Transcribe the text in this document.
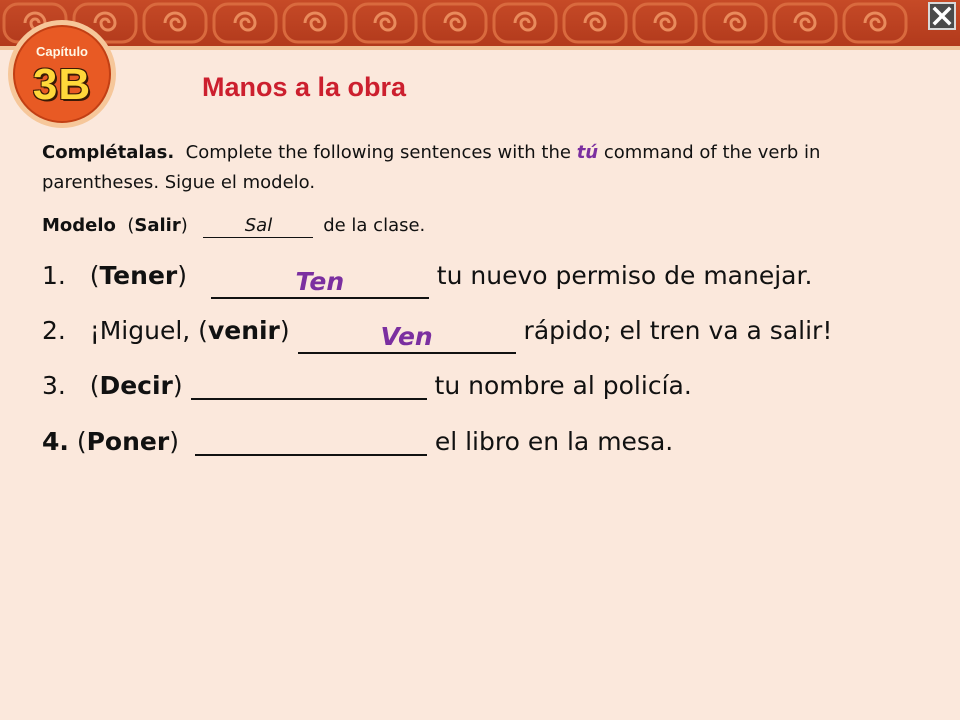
Capítulo
3B	Manos a la obra

Complétalas. Complete the following sentences with the tú command of the verb in parentheses. Sigue el modelo.

Modelo  (Salir)	Sal	de la clase.
1.   (Tener)	Ten	tu nuevo permiso de manejar.
2. ¡Miguel, (venir)	Ven	rápido; el tren va a salir!
3.   (Decir)	tu nombre al policía.
4. (Poner)	el libro en la mesa.
